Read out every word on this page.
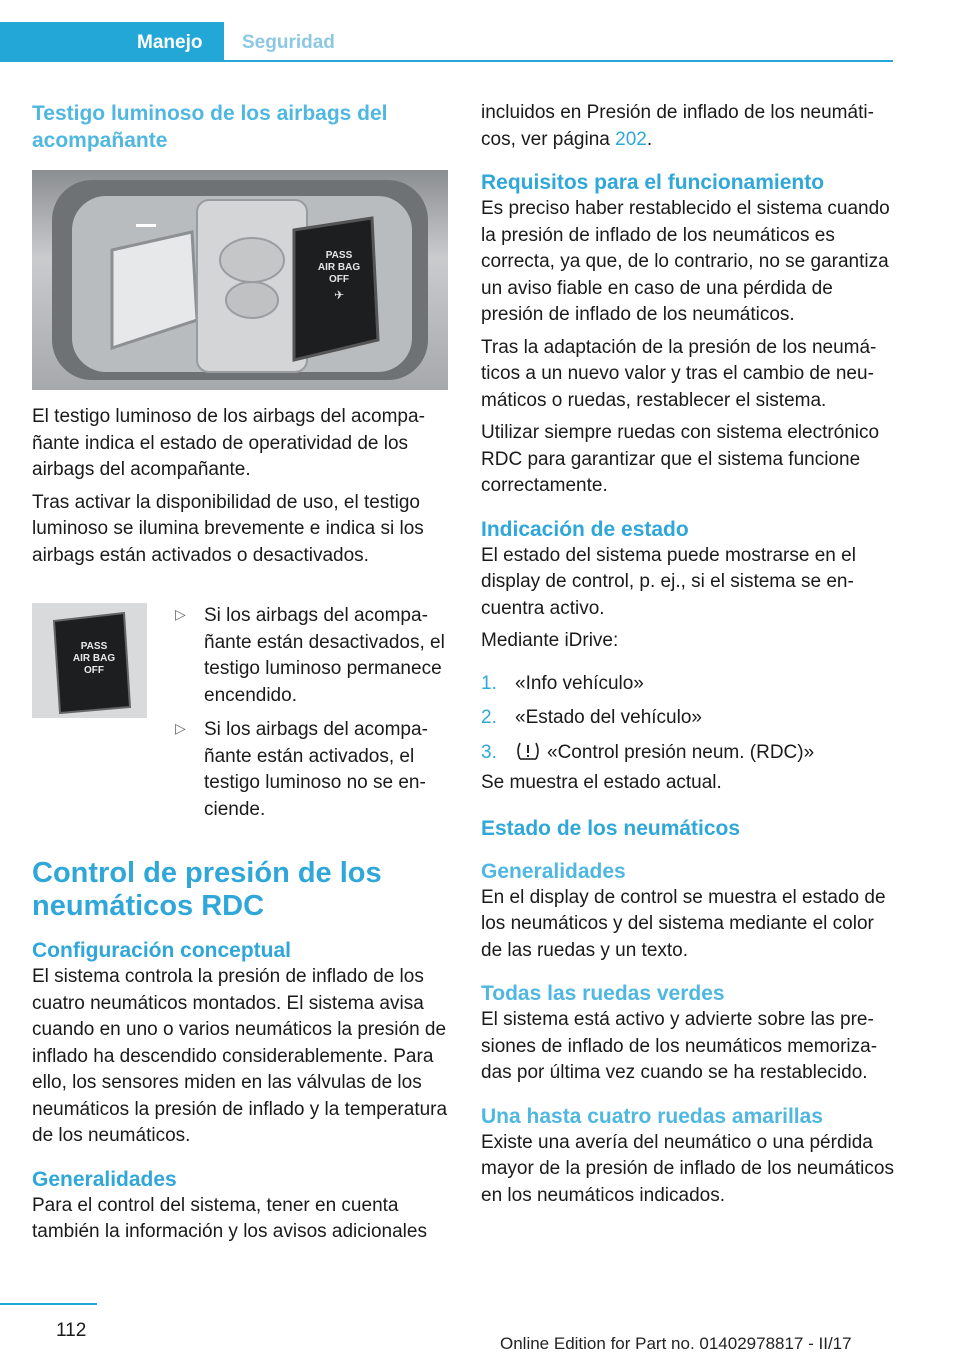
Manejo Seguridad
Testigo luminoso de los airbags del acompañante
PASS
AIR BAG
OFF
✈

El testigo luminoso de los airbags del acompañante indica el estado de operatividad de los airbags del acompañante.

Tras activar la disponibilidad de uso, el testigo luminoso se ilumina brevemente e indica si los airbags están activados o desactivados.

PASS
AIR BAG
OFF
▷ Si los airbags del acompañante están desactivados, el testigo luminoso permanece encendido.

▷ Si los airbags del acompañante están activados, el testigo luminoso no se enciende.

Control de presión de los neumáticos RDC
Configuración conceptual

El sistema controla la presión de inflado de los cuatro neumáticos montados. El sistema avisa cuando en uno o varios neumáticos la presión de inflado ha descendido considerablemente. Para ello, los sensores miden en las válvulas de los neumáticos la presión de inflado y la temperatura de los neumáticos.

Generalidades

Para el control del sistema, tener en cuenta también la información y los avisos adicionales

incluidos en Presión de inflado de los neumáticos, ver página 202.

Requisitos para el funcionamiento

Es preciso haber restablecido el sistema cuando la presión de inflado de los neumáticos es correcta, ya que, de lo contrario, no se garantiza un aviso fiable en caso de una pérdida de presión de inflado de los neumáticos.

Tras la adaptación de la presión de los neumáticos a un nuevo valor y tras el cambio de neumáticos o ruedas, restablecer el sistema.

Utilizar siempre ruedas con sistema electrónico RDC para garantizar que el sistema funcione correctamente.

Indicación de estado

El estado del sistema puede mostrarse en el display de control, p. ej., si el sistema se encuentra activo.

Mediante iDrive:

1. «Info vehículo»
2. «Estado del vehículo»
3.	«Control presión neum. (RDC)»

Se muestra el estado actual.

Estado de los neumáticos
Generalidades

En el display de control se muestra el estado de los neumáticos y del sistema mediante el color de las ruedas y un texto.

Todas las ruedas verdes

El sistema está activo y advierte sobre las presiones de inflado de los neumáticos memorizadas por última vez cuando se ha restablecido.

Una hasta cuatro ruedas amarillas

Existe una avería del neumático o una pérdida mayor de la presión de inflado de los neumáticos en los neumáticos indicados.

112
Online Edition for Part no. 01402978817 - II/17
